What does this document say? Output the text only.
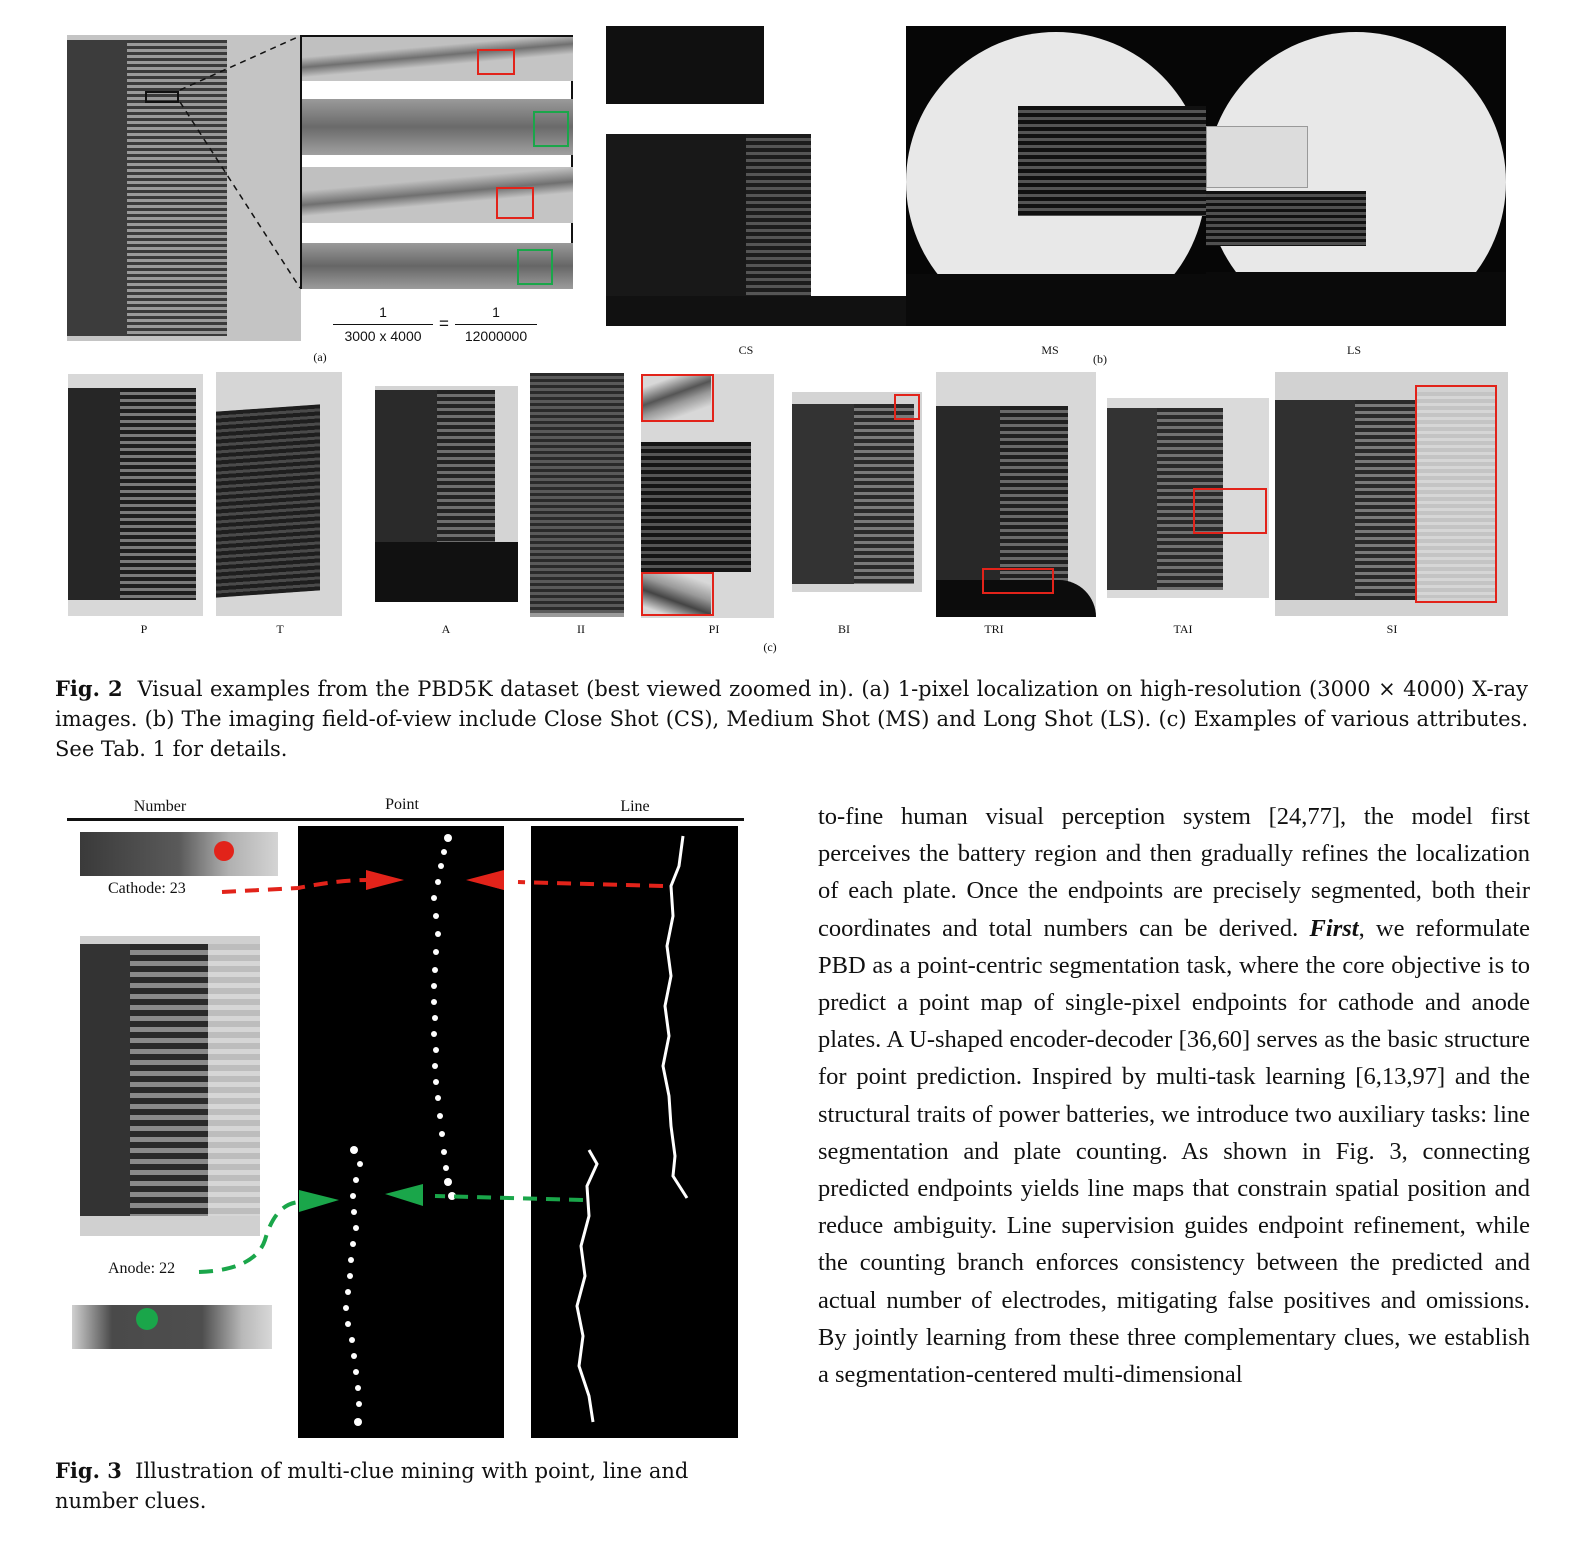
1
3000 x 4000
=
1
12000000
(a)	CS	MS
(b)
LS
P	T	A	II	PI	BI	TRI	TAI	SI
(c)
Fig. 2 Visual examples from the PBD5K dataset (best viewed zoomed in). (a) 1-pixel localization on high-resolution (3000 × 4000) X-ray images. (b) The imaging field-of-view include Close Shot (CS), Medium Shot (MS) and Long Shot (LS). (c) Examples of various attributes. See Tab. 1 for details.
Number	Point	Line
Cathode: 23
Anode: 22
Fig. 3 Illustration of multi-clue mining with point, line and number clues.
to-fine human visual perception system [24,77], the model first perceives the battery region and then gradually refines the localization of each plate. Once the endpoints are precisely segmented, both their coordinates and total numbers can be derived. First, we reformulate PBD as a point-centric segmentation task, where the core objective is to predict a point map of single-pixel endpoints for cathode and anode plates. A U-shaped encoder-decoder [36,60] serves as the basic structure for point prediction. Inspired by multi-task learning [6,13,97] and the structural traits of power batteries, we introduce two auxiliary tasks: line segmentation and plate counting. As shown in Fig. 3, connecting predicted endpoints yields line maps that constrain spatial position and reduce ambiguity. Line supervision guides endpoint refinement, while the counting branch enforces consistency between the predicted and actual number of electrodes, mitigating false positives and omissions. By jointly learning from these three complementary clues, we establish a segmentation-centered multi-dimensional
